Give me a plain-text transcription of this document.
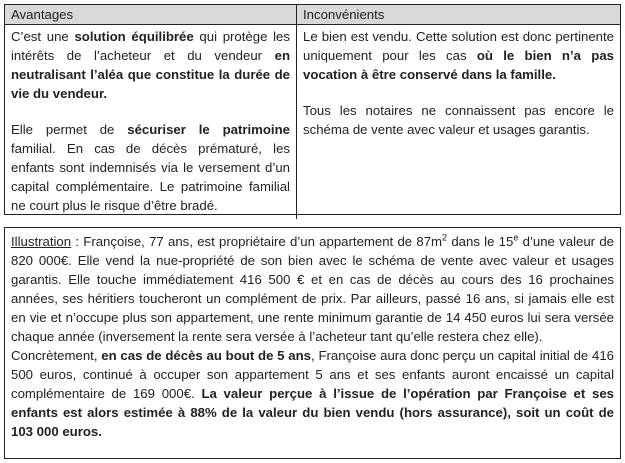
Avantages	Inconvénients

C’est une solution équilibrée qui protège les intérêts de l’acheteur et du vendeur en neutralisant l’aléa que constitue la durée de vie du vendeur.

Elle permet de sécuriser le patrimoine familial. En cas de décès prématuré, les enfants sont indemnisés via le versement d’un capital complémentaire. Le patrimoine familial ne court plus le risque d’être bradé.

Le bien est vendu. Cette solution est donc pertinente uniquement pour les cas où le bien n’a pas vocation à être conservé dans la famille.

Tous les notaires ne connaissent pas encore le schéma de vente avec valeur et usages garantis.

Illustration : Françoise, 77 ans, est propriétaire d’un appartement de $87m^2$ dans le 15e d’une valeur de 820 000€. Elle vend la nue-propriété de son bien avec le schéma de vente avec valeur et usages garantis. Elle touche immédiatement 416 500 € et en cas de décès au cours des 16 prochaines années, ses héritiers toucheront un complément de prix. Par ailleurs, passé 16 ans, si jamais elle est en vie et n’occupe plus son appartement, une rente minimum garantie de 14 450 euros lui sera versée chaque année (inversement la rente sera versée à l’acheteur tant qu’elle restera chez elle).

Concrètement, en cas de décès au bout de 5 ans, Françoise aura donc perçu un capital initial de 416 500 euros, continué à occuper son appartement 5 ans et ses enfants auront encaissé un capital complémentaire de 169 000€. La valeur perçue à l’issue de l’opération par Françoise et ses enfants est alors estimée à 88% de la valeur du bien vendu (hors assurance), soit un coût de 103 000 euros.
